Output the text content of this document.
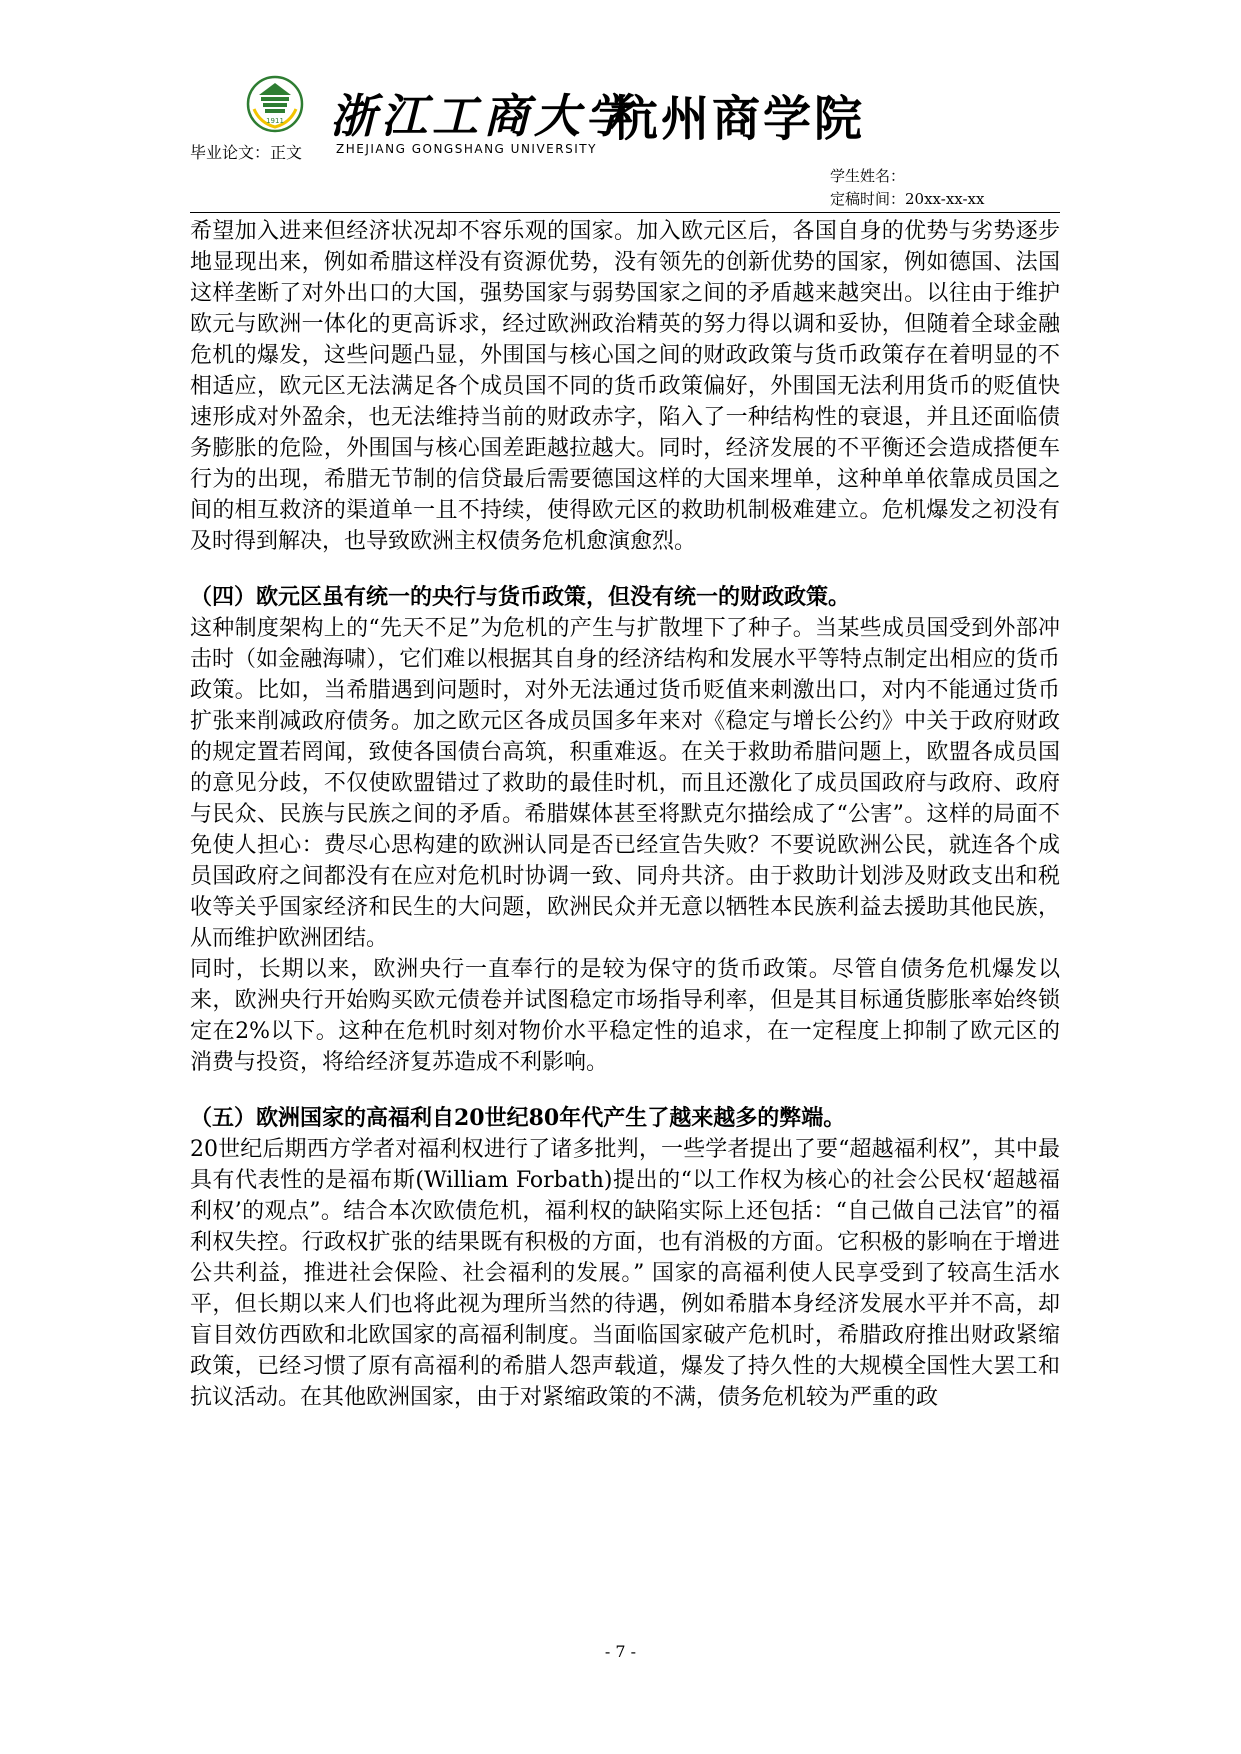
1911 浙江工商大学
杭州商学院
毕业论文：正文	ZHEJIANG GONGSHANG UNIVERSITY
学生姓名：
定稿时间：20xx-xx-xx

希望加入进来但经济状况却不容乐观的国家。加入欧元区后，各国自身的优势与劣势逐步地显现出来，例如希腊这样没有资源优势，没有领先的创新优势的国家，例如德国、法国这样垄断了对外出口的大国，强势国家与弱势国家之间的矛盾越来越突出。以往由于维护欧元与欧洲一体化的更高诉求，经过欧洲政治精英的努力得以调和妥协，但随着全球金融危机的爆发，这些问题凸显，外围国与核心国之间的财政政策与货币政策存在着明显的不相适应，欧元区无法满足各个成员国不同的货币政策偏好，外围国无法利用货币的贬值快速形成对外盈余，也无法维持当前的财政赤字，陷入了一种结构性的衰退，并且还面临债务膨胀的危险，外围国与核心国差距越拉越大。同时，经济发展的不平衡还会造成搭便车行为的出现，希腊无节制的信贷最后需要德国这样的大国来埋单，这种单单依靠成员国之间的相互救济的渠道单一且不持续，使得欧元区的救助机制极难建立。危机爆发之初没有及时得到解决，也导致欧洲主权债务危机愈演愈烈。

（四）欧元区虽有统一的央行与货币政策，但没有统一的财政政策。

这种制度架构上的“先天不足”为危机的产生与扩散埋下了种子。当某些成员国受到外部冲击时（如金融海啸），它们难以根据其自身的经济结构和发展水平等特点制定出相应的货币政策。比如，当希腊遇到问题时，对外无法通过货币贬值来刺激出口，对内不能通过货币扩张来削减政府债务。加之欧元区各成员国多年来对《稳定与增长公约》中关于政府财政的规定置若罔闻，致使各国债台高筑，积重难返。在关于救助希腊问题上，欧盟各成员国的意见分歧，不仅使欧盟错过了救助的最佳时机，而且还激化了成员国政府与政府、政府与民众、民族与民族之间的矛盾。希腊媒体甚至将默克尔描绘成了“公害”。这样的局面不免使人担心：费尽心思构建的欧洲认同是否已经宣告失败？不要说欧洲公民，就连各个成员国政府之间都没有在应对危机时协调一致、同舟共济。由于救助计划涉及财政支出和税收等关乎国家经济和民生的大问题，欧洲民众并无意以牺牲本民族利益去援助其他民族，从而维护欧洲团结。

同时，长期以来，欧洲央行一直奉行的是较为保守的货币政策。尽管自债务危机爆发以来，欧洲央行开始购买欧元债卷并试图稳定市场指导利率，但是其目标通货膨胀率始终锁定在2%以下。这种在危机时刻对物价水平稳定性的追求，在一定程度上抑制了欧元区的消费与投资，将给经济复苏造成不利影响。

（五）欧洲国家的高福利自20世纪80年代产生了越来越多的弊端。

20世纪后期西方学者对福利权进行了诸多批判，一些学者提出了要“超越福利权”，其中最具有代表性的是福布斯(William Forbath)提出的“以工作权为核心的社会公民权‘超越福利权’的观点”。结合本次欧债危机，福利权的缺陷实际上还包括：“自己做自己法官”的福利权失控。行政权扩张的结果既有积极的方面，也有消极的方面。它积极的影响在于增进公共利益，推进社会保险、社会福利的发展。” 国家的高福利使人民享受到了较高生活水平，但长期以来人们也将此视为理所当然的待遇，例如希腊本身经济发展水平并不高，却盲目效仿西欧和北欧国家的高福利制度。当面临国家破产危机时，希腊政府推出财政紧缩政策，已经习惯了原有高福利的希腊人怨声载道，爆发了持久性的大规模全国性大罢工和抗议活动。在其他欧洲国家，由于对紧缩政策的不满，债务危机较为严重的政

- 7 -
